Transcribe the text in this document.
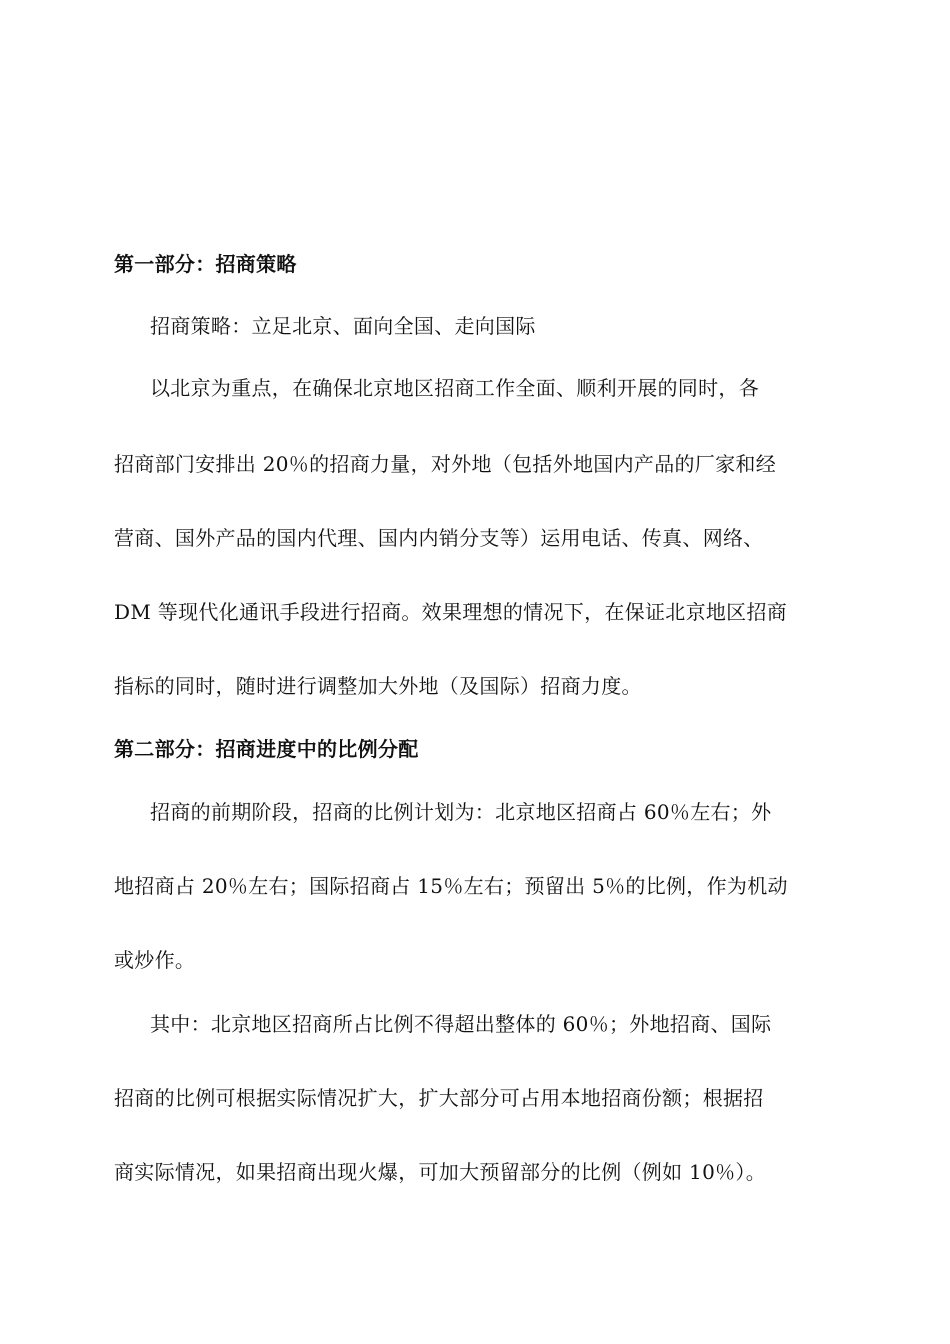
第一部分：招商策略
招商策略：立足北京、面向全国、走向国际
以北京为重点，在确保北京地区招商工作全面、顺利开展的同时，各
招商部门安排出 20％的招商力量，对外地（包括外地国内产品的厂家和经
营商、国外产品的国内代理、国内内销分支等）运用电话、传真、网络、
DM 等现代化通讯手段进行招商。效果理想的情况下，在保证北京地区招商
指标的同时，随时进行调整加大外地（及国际）招商力度。
第二部分：招商进度中的比例分配
招商的前期阶段，招商的比例计划为：北京地区招商占 60％左右；外
地招商占 20％左右；国际招商占 15％左右；预留出 5％的比例，作为机动
或炒作。
其中：北京地区招商所占比例不得超出整体的 60％；外地招商、国际
招商的比例可根据实际情况扩大，扩大部分可占用本地招商份额；根据招
商实际情况，如果招商出现火爆，可加大预留部分的比例（例如 10％）。
